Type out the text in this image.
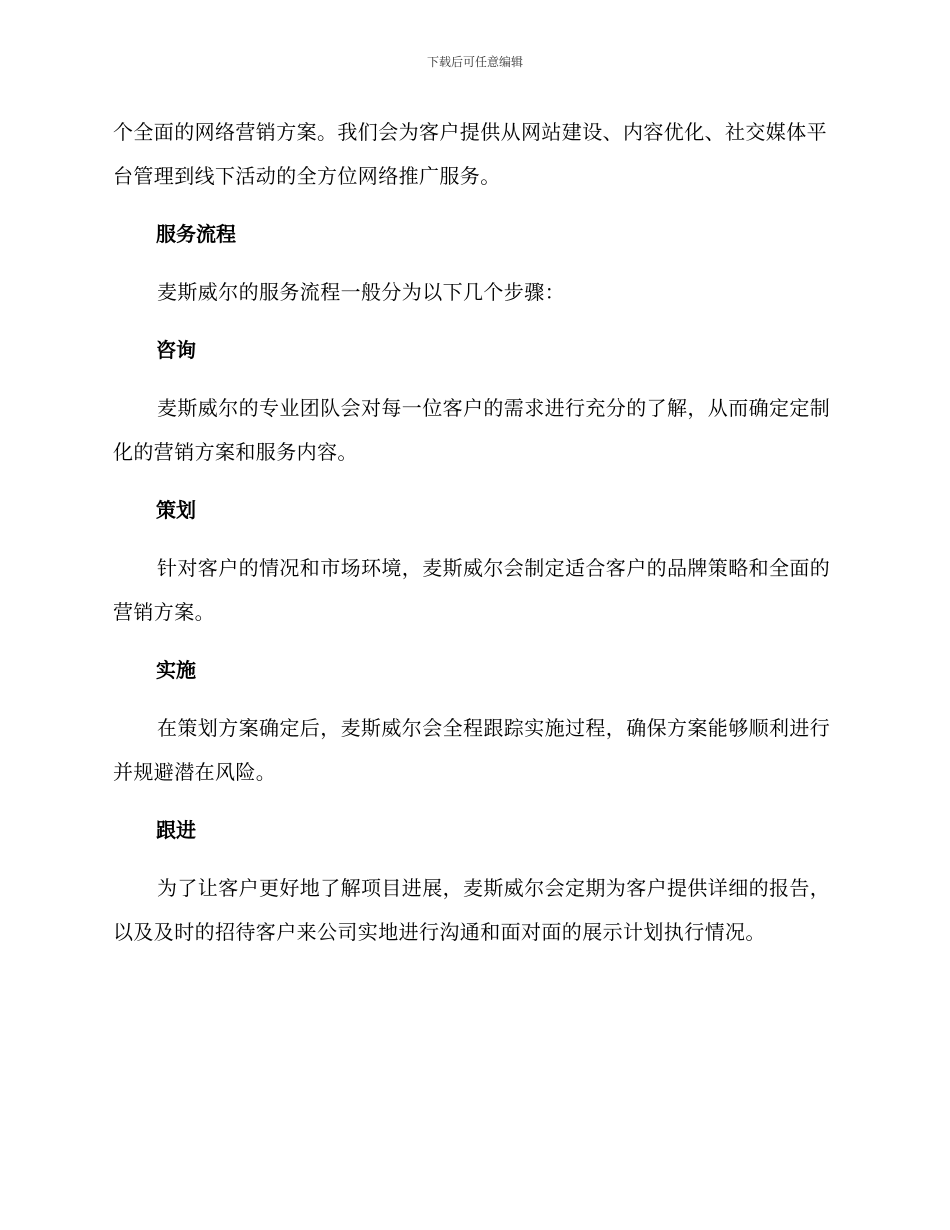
下载后可任意编辑

个全面的网络营销方案。我们会为客户提供从网站建设、内容优化、社交媒体平台管理到线下活动的全方位网络推广服务。

服务流程

麦斯威尔的服务流程一般分为以下几个步骤：

咨询

麦斯威尔的专业团队会对每一位客户的需求进行充分的了解，从而确定定制化的营销方案和服务内容。

策划

针对客户的情况和市场环境，麦斯威尔会制定适合客户的品牌策略和全面的营销方案。

实施

在策划方案确定后，麦斯威尔会全程跟踪实施过程，确保方案能够顺利进行并规避潜在风险。

跟进

为了让客户更好地了解项目进展，麦斯威尔会定期为客户提供详细的报告，以及及时的招待客户来公司实地进行沟通和面对面的展示计划执行情况。
